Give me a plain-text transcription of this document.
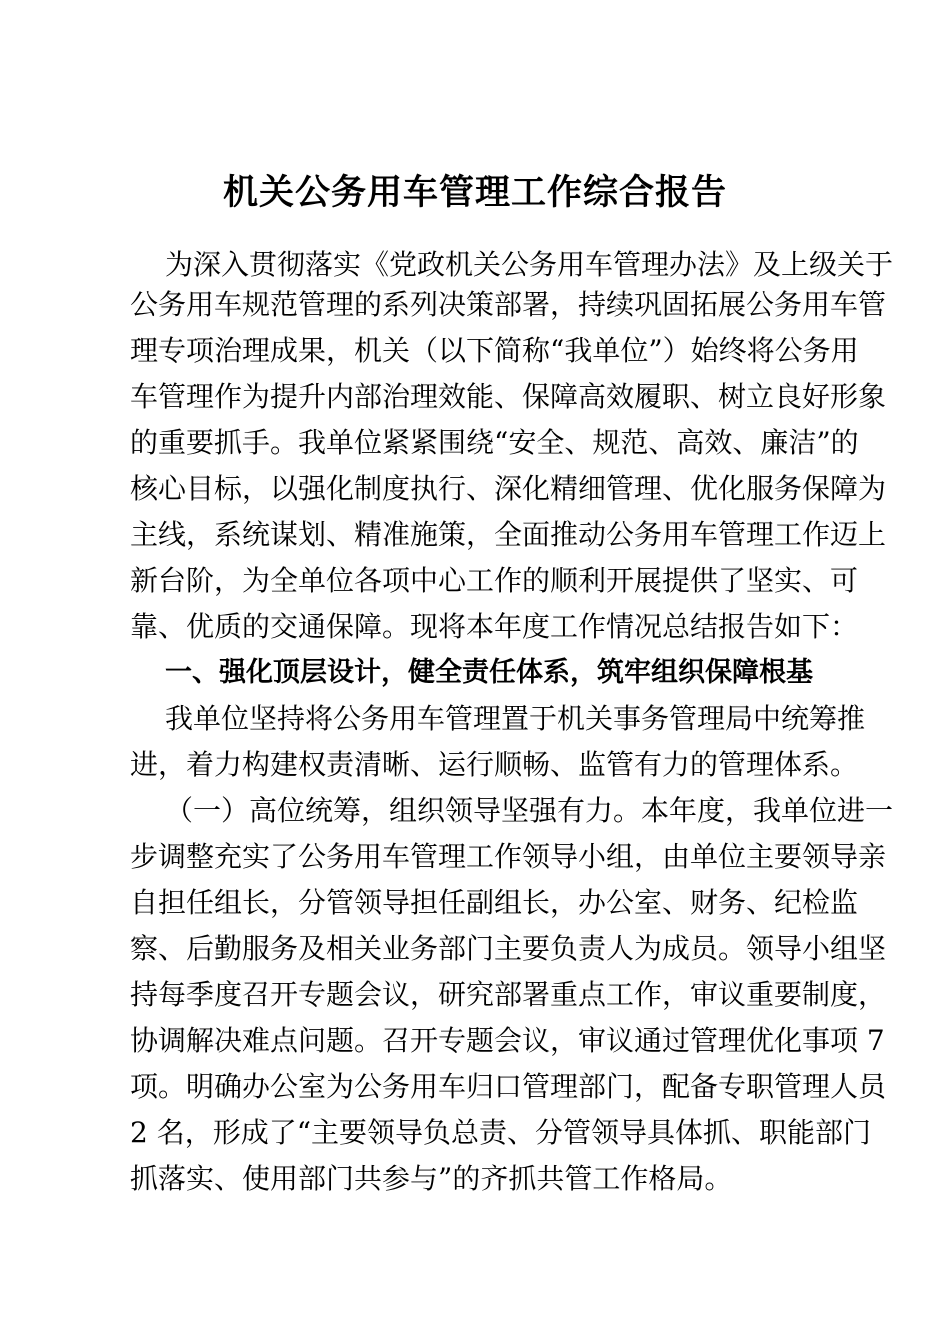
机关公务用车管理工作综合报告

为深入贯彻落实《党政机关公务用车管理办法》及上级关于

公务用车规范管理的系列决策部署，持续巩固拓展公务用车管

理专项治理成果，机关（以下简称“我单位”）始终将公务用

车管理作为提升内部治理效能、保障高效履职、树立良好形象

的重要抓手。我单位紧紧围绕“安全、规范、高效、廉洁”的

核心目标，以强化制度执行、深化精细管理、优化服务保障为

主线，系统谋划、精准施策，全面推动公务用车管理工作迈上

新台阶，为全单位各项中心工作的顺利开展提供了坚实、可

靠、优质的交通保障。现将本年度工作情况总结报告如下：

一、强化顶层设计，健全责任体系，筑牢组织保障根基

我单位坚持将公务用车管理置于机关事务管理局中统筹推

进，着力构建权责清晰、运行顺畅、监管有力的管理体系。

（一）高位统筹，组织领导坚强有力。本年度，我单位进一

步调整充实了公务用车管理工作领导小组，由单位主要领导亲

自担任组长，分管领导担任副组长，办公室、财务、纪检监

察、后勤服务及相关业务部门主要负责人为成员。领导小组坚

持每季度召开专题会议，研究部署重点工作，审议重要制度，

协调解决难点问题。召开专题会议，审议通过管理优化事项 7

项。明确办公室为公务用车归口管理部门，配备专职管理人员

2 名，形成了“主要领导负总责、分管领导具体抓、职能部门

抓落实、使用部门共参与”的齐抓共管工作格局。
